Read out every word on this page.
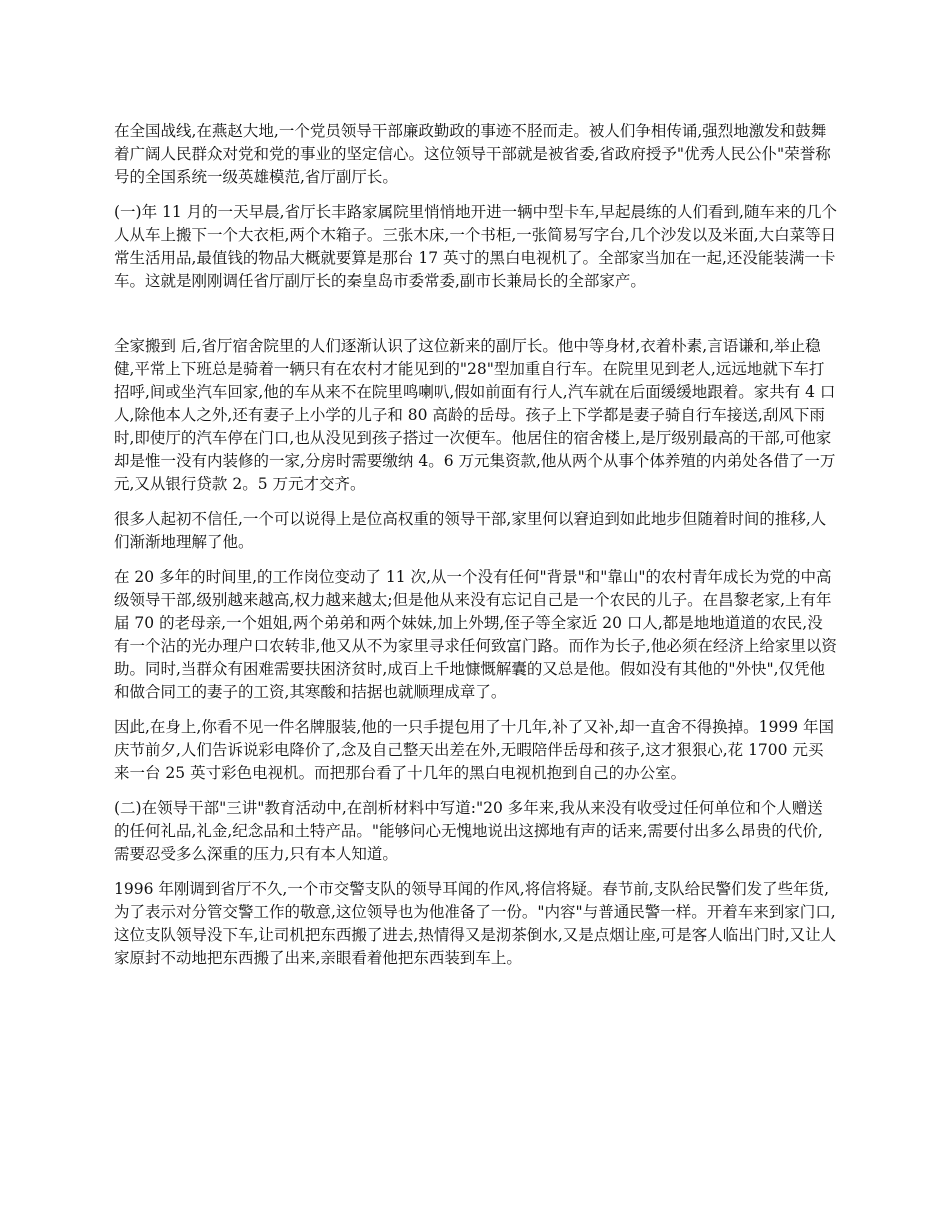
在全国战线,在燕赵大地,一个党员领导干部廉政勤政的事迹不胫而走。被人们争相传诵,强烈地激发和鼓舞着广阔人民群众对党和党的事业的坚定信心。这位领导干部就是被省委,省政府授予"优秀人民公仆"荣誉称号的全国系统一级英雄模范,省厅副厅长。

(一)年 11 月的一天早晨,省厅长丰路家属院里悄悄地开进一辆中型卡车,早起晨练的人们看到,随车来的几个人从车上搬下一个大衣柜,两个木箱子。三张木床,一个书柜,一张简易写字台,几个沙发以及米面,大白菜等日常生活用品,最值钱的物品大概就要算是那台 17 英寸的黑白电视机了。全部家当加在一起,还没能装满一卡车。这就是刚刚调任省厅副厅长的秦皇岛市委常委,副市长兼局长的全部家产。

全家搬到 后,省厅宿舍院里的人们逐渐认识了这位新来的副厅长。他中等身材,衣着朴素,言语谦和,举止稳健,平常上下班总是骑着一辆只有在农村才能见到的"28"型加重自行车。在院里见到老人,远远地就下车打招呼,间或坐汽车回家,他的车从来不在院里鸣喇叭,假如前面有行人,汽车就在后面缓缓地跟着。家共有 4 口人,除他本人之外,还有妻子上小学的儿子和 80 高龄的岳母。孩子上下学都是妻子骑自行车接送,刮风下雨时,即使厅的汽车停在门口,也从没见到孩子搭过一次便车。他居住的宿舍楼上,是厅级别最高的干部,可他家却是惟一没有内装修的一家,分房时需要缴纳 4。6 万元集资款,他从两个从事个体养殖的内弟处各借了一万元,又从银行贷款 2。5 万元才交齐。

很多人起初不信任,一个可以说得上是位高权重的领导干部,家里何以窘迫到如此地步但随着时间的推移,人们渐渐地理解了他。

在 20 多年的时间里,的工作岗位变动了 11 次,从一个没有任何"背景"和"靠山"的农村青年成长为党的中高级领导干部,级别越来越高,权力越来越太;但是他从来没有忘记自己是一个农民的儿子。在昌黎老家,上有年届 70 的老母亲,一个姐姐,两个弟弟和两个妹妹,加上外甥,侄子等全家近 20 口人,都是地地道道的农民,没有一个沾的光办理户口农转非,他又从不为家里寻求任何致富门路。而作为长子,他必须在经济上给家里以资助。同时,当群众有困难需要扶困济贫时,成百上千地慷慨解囊的又总是他。假如没有其他的"外快",仅凭他和做合同工的妻子的工资,其寒酸和拮据也就顺理成章了。

因此,在身上,你看不见一件名牌服装,他的一只手提包用了十几年,补了又补,却一直舍不得换掉。1999 年国庆节前夕,人们告诉说彩电降价了,念及自己整天出差在外,无暇陪伴岳母和孩子,这才狠狠心,花 1700 元买来一台 25 英寸彩色电视机。而把那台看了十几年的黑白电视机抱到自己的办公室。

(二)在领导干部"三讲"教育活动中,在剖析材料中写道:"20 多年来,我从来没有收受过任何单位和个人赠送的任何礼品,礼金,纪念品和土特产品。"能够问心无愧地说出这掷地有声的话来,需要付出多么昂贵的代价,需要忍受多么深重的压力,只有本人知道。

1996 年刚调到省厅不久,一个市交警支队的领导耳闻的作风,将信将疑。春节前,支队给民警们发了些年货,为了表示对分管交警工作的敬意,这位领导也为他准备了一份。"内容"与普通民警一样。开着车来到家门口,这位支队领导没下车,让司机把东西搬了进去,热情得又是沏茶倒水,又是点烟让座,可是客人临出门时,又让人家原封不动地把东西搬了出来,亲眼看着他把东西装到车上。
